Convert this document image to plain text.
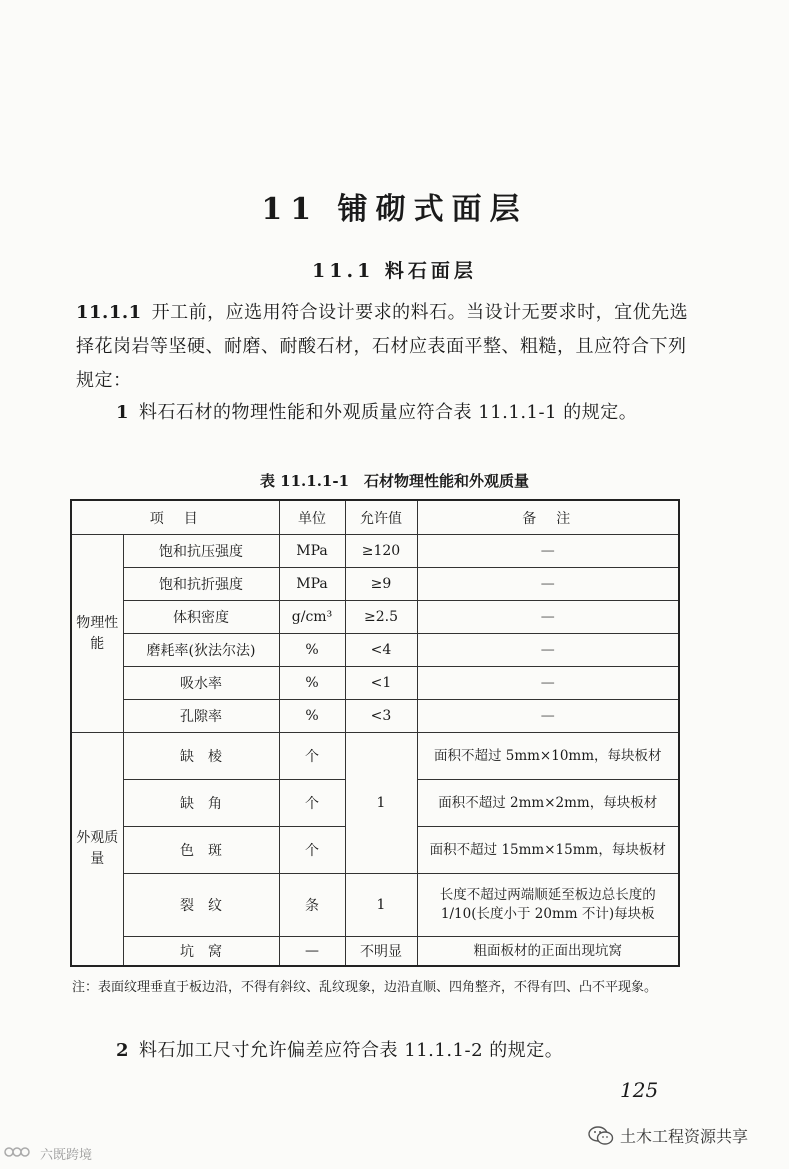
11 铺砌式面层
11.1 料石面层

11.1.1 开工前，应选用符合设计要求的料石。当设计无要求时，宜优先选择花岗岩等坚硬、耐磨、耐酸石材，石材应表面平整、粗糙，且应符合下列规定：

1 料石石材的物理性能和外观质量应符合表 11.1.1-1 的规定。

表 11.1.1-1　石材物理性能和外观质量
项　目		单位	允许值	备　注
物理性能	饱和抗压强度	MPa	≥120	—
	饱和抗折强度	MPa	≥9	—
	体积密度	g/cm³	≥2.5	—
	磨耗率(狄法尔法)	%	<4	—
	吸水率	%	<1	—
	孔隙率	%	<3	—
外观质量	缺　棱	个	1	面积不超过 5mm×10mm，每块板材
	缺　角	个		面积不超过 2mm×2mm，每块板材
	色　斑	个		面积不超过 15mm×15mm，每块板材
	裂　纹	条	1	长度不超过两端顺延至板边总长度的 1/10(长度小于 20mm 不计)每块板
	坑　窝	—	不明显	粗面板材的正面出现坑窝

注：表面纹理垂直于板边沿，不得有斜纹、乱纹现象，边沿直顺、四角整齐，不得有凹、凸不平现象。

2 料石加工尺寸允许偏差应符合表 11.1.1-2 的规定。
125
六既跨境
土木工程资源共享
